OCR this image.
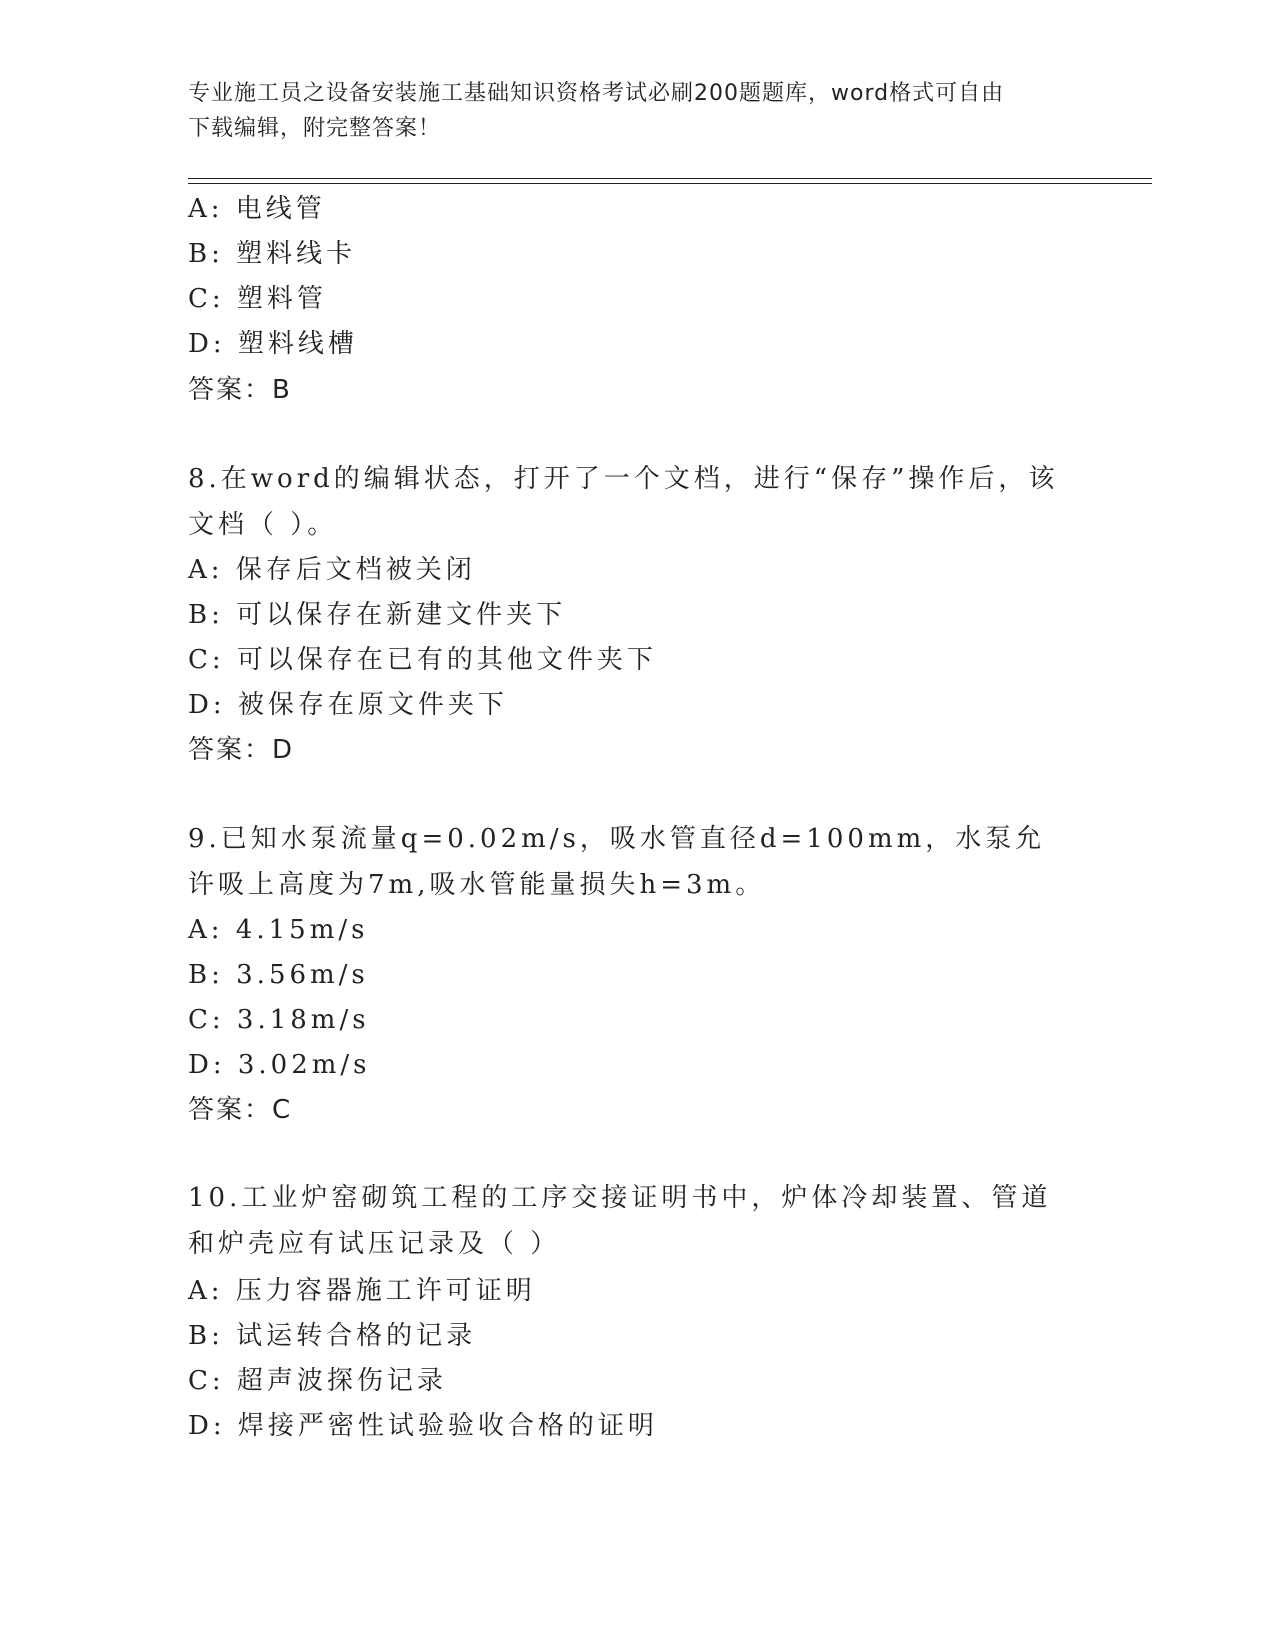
专业施工员之设备安装施工基础知识资格考试必刷200题题库，word格式可自由
下载编辑，附完整答案！
A: 电线管
B: 塑料线卡
C: 塑料管
D: 塑料线槽
答案：B
8.在word的编辑状态，打开了一个文档，进行“保存”操作后，该文档（ ）。
A: 保存后文档被关闭
B: 可以保存在新建文件夹下
C: 可以保存在已有的其他文件夹下
D: 被保存在原文件夹下
答案：D
9.已知水泵流量q=0.02m/s，吸水管直径d=100mm，水泵允许吸上高度为7m,吸水管能量损失h=3m。
A: 4.15m/s
B: 3.56m/s
C: 3.18m/s
D: 3.02m/s
答案：C
10.工业炉窑砌筑工程的工序交接证明书中，炉体冷却装置、管道和炉壳应有试压记录及（ ）
A: 压力容器施工许可证明
B: 试运转合格的记录
C: 超声波探伤记录
D: 焊接严密性试验验收合格的证明
